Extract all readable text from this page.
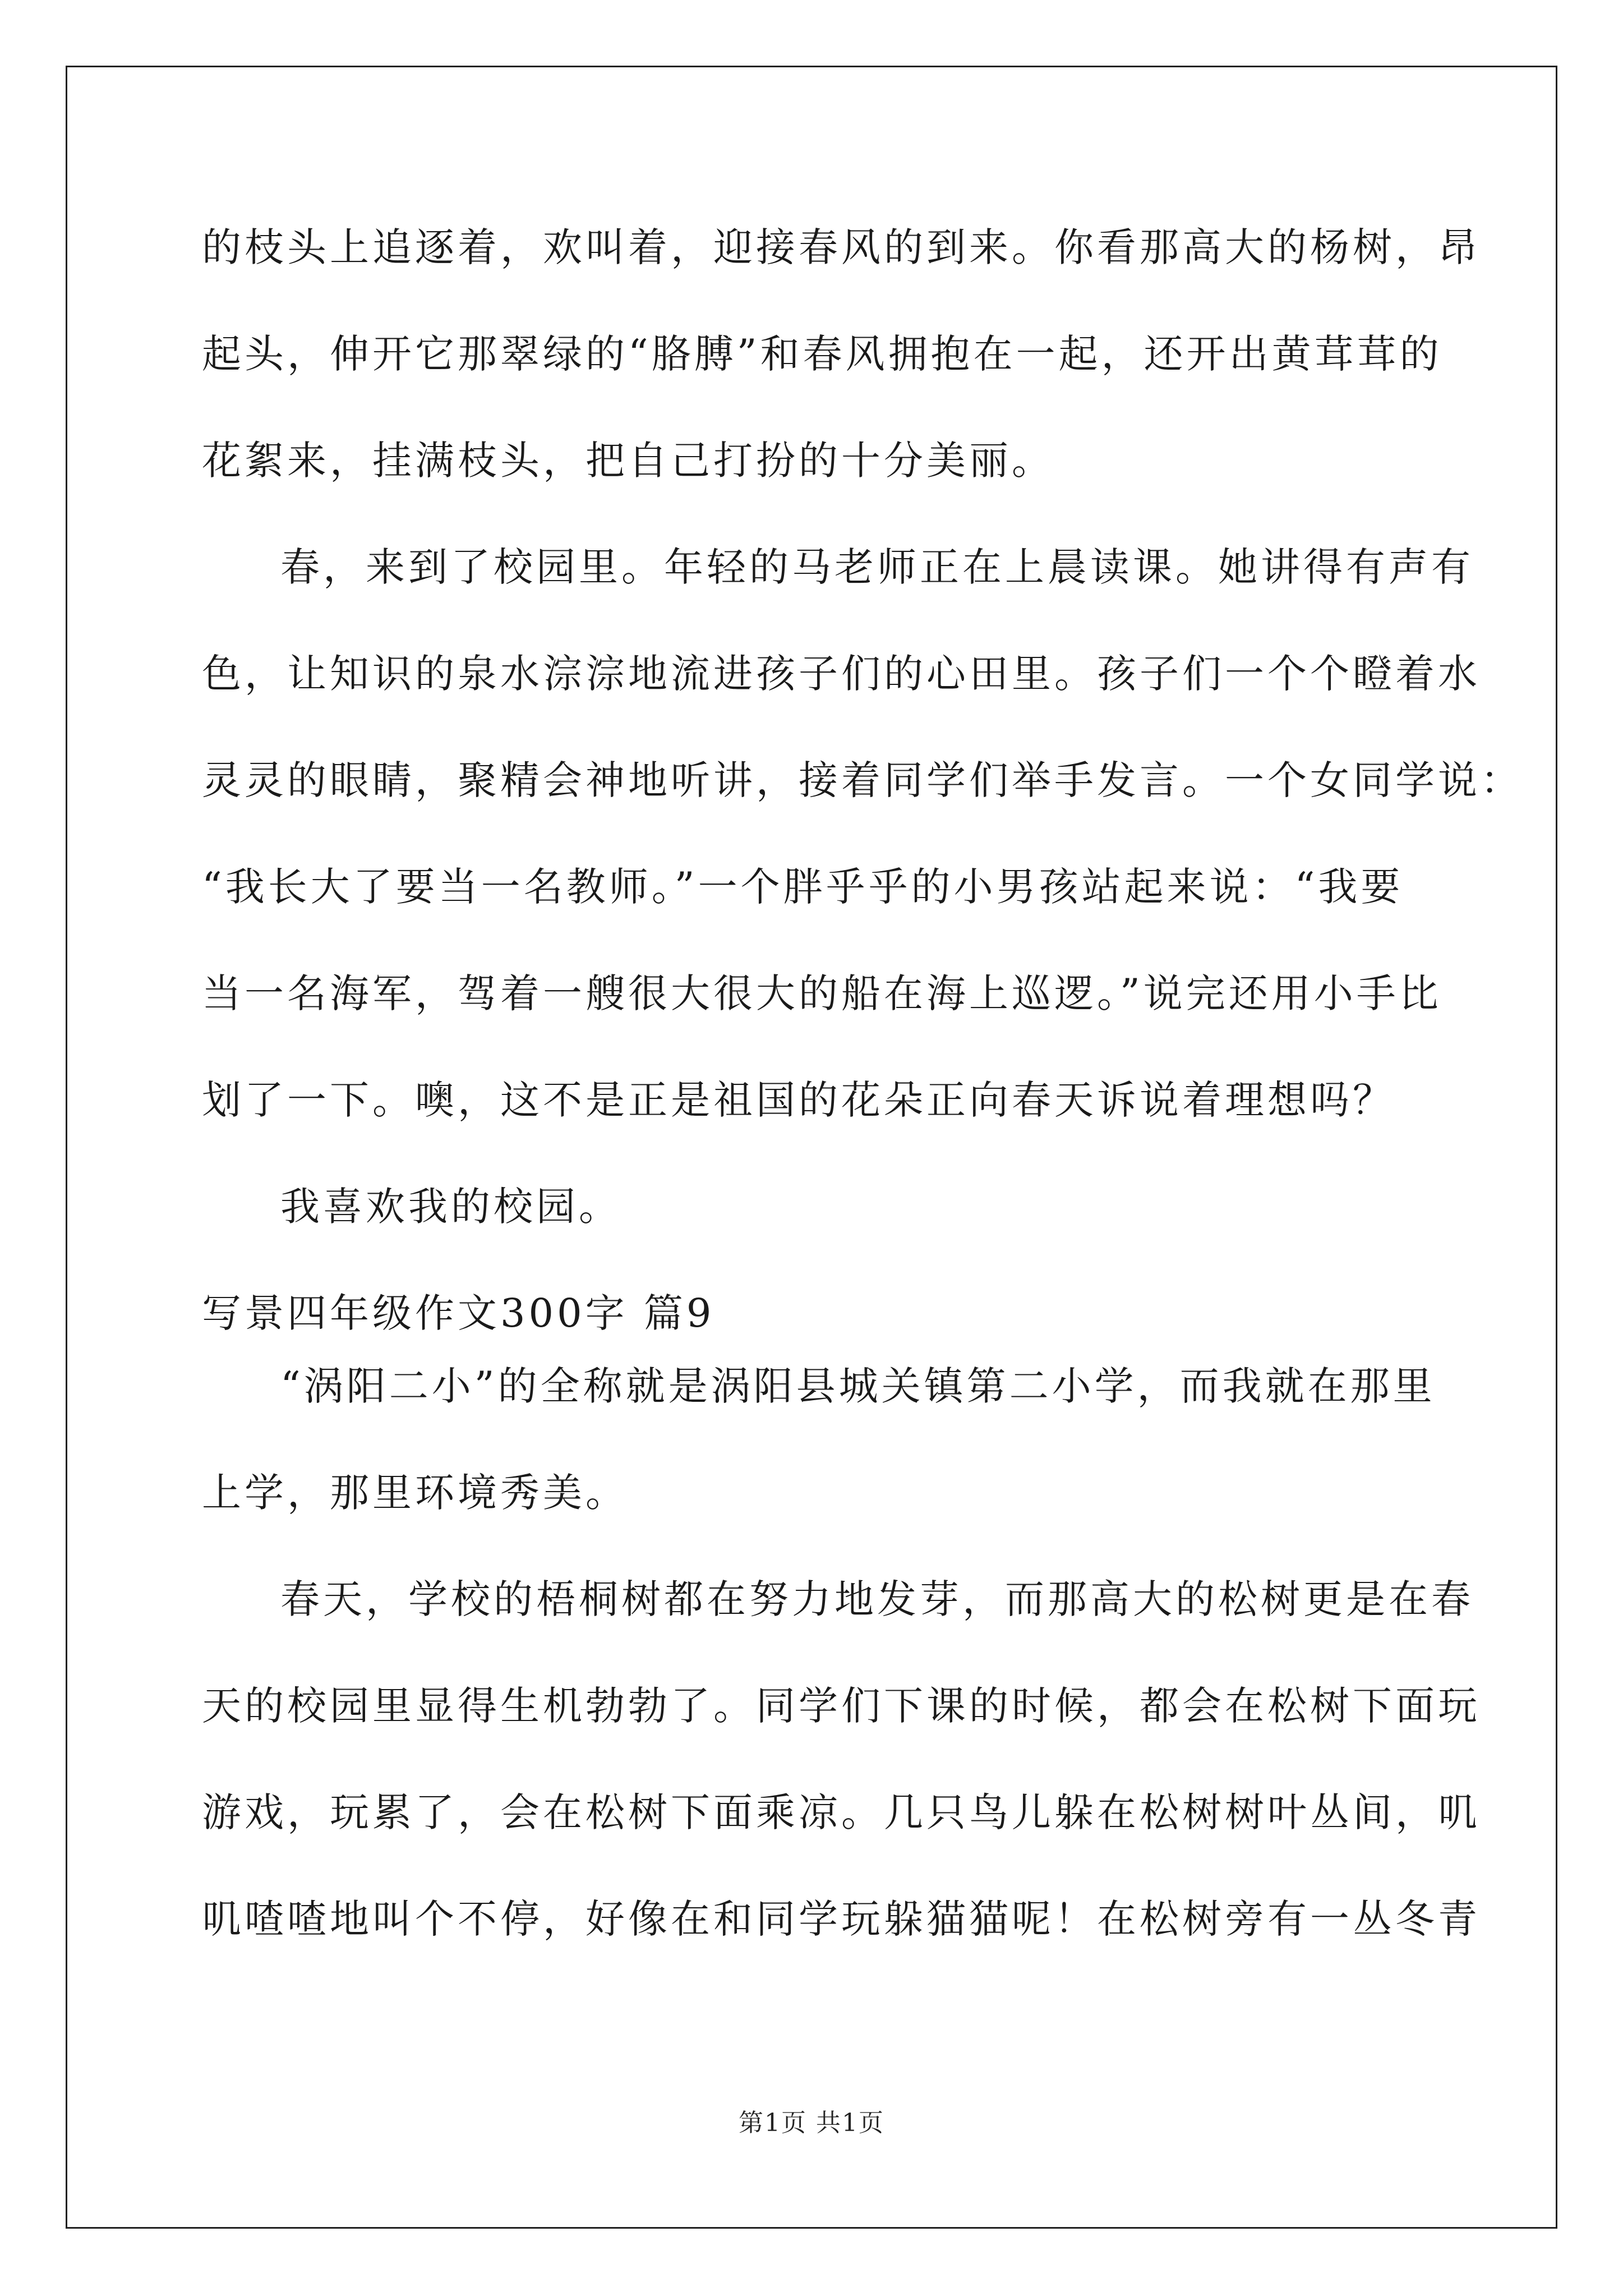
的枝头上追逐着，欢叫着，迎接春风的到来。你看那高大的杨树，昂
起头，伸开它那翠绿的“胳膊”和春风拥抱在一起，还开出黄茸茸的
花絮来，挂满枝头，把自己打扮的十分美丽。
春，来到了校园里。年轻的马老师正在上晨读课。她讲得有声有
色，让知识的泉水淙淙地流进孩子们的心田里。孩子们一个个瞪着水
灵灵的眼睛，聚精会神地听讲，接着同学们举手发言。一个女同学说：
“我长大了要当一名教师。”一个胖乎乎的小男孩站起来说：“我要
当一名海军，驾着一艘很大很大的船在海上巡逻。”说完还用小手比
划了一下。噢，这不是正是祖国的花朵正向春天诉说着理想吗？
我喜欢我的校园。
写景四年级作文300字 篇9
“涡阳二小”的全称就是涡阳县城关镇第二小学，而我就在那里
上学，那里环境秀美。
春天，学校的梧桐树都在努力地发芽，而那高大的松树更是在春
天的校园里显得生机勃勃了。同学们下课的时候，都会在松树下面玩
游戏，玩累了，会在松树下面乘凉。几只鸟儿躲在松树树叶丛间，叽
叽喳喳地叫个不停，好像在和同学玩躲猫猫呢！在松树旁有一丛冬青
第1页 共1页
